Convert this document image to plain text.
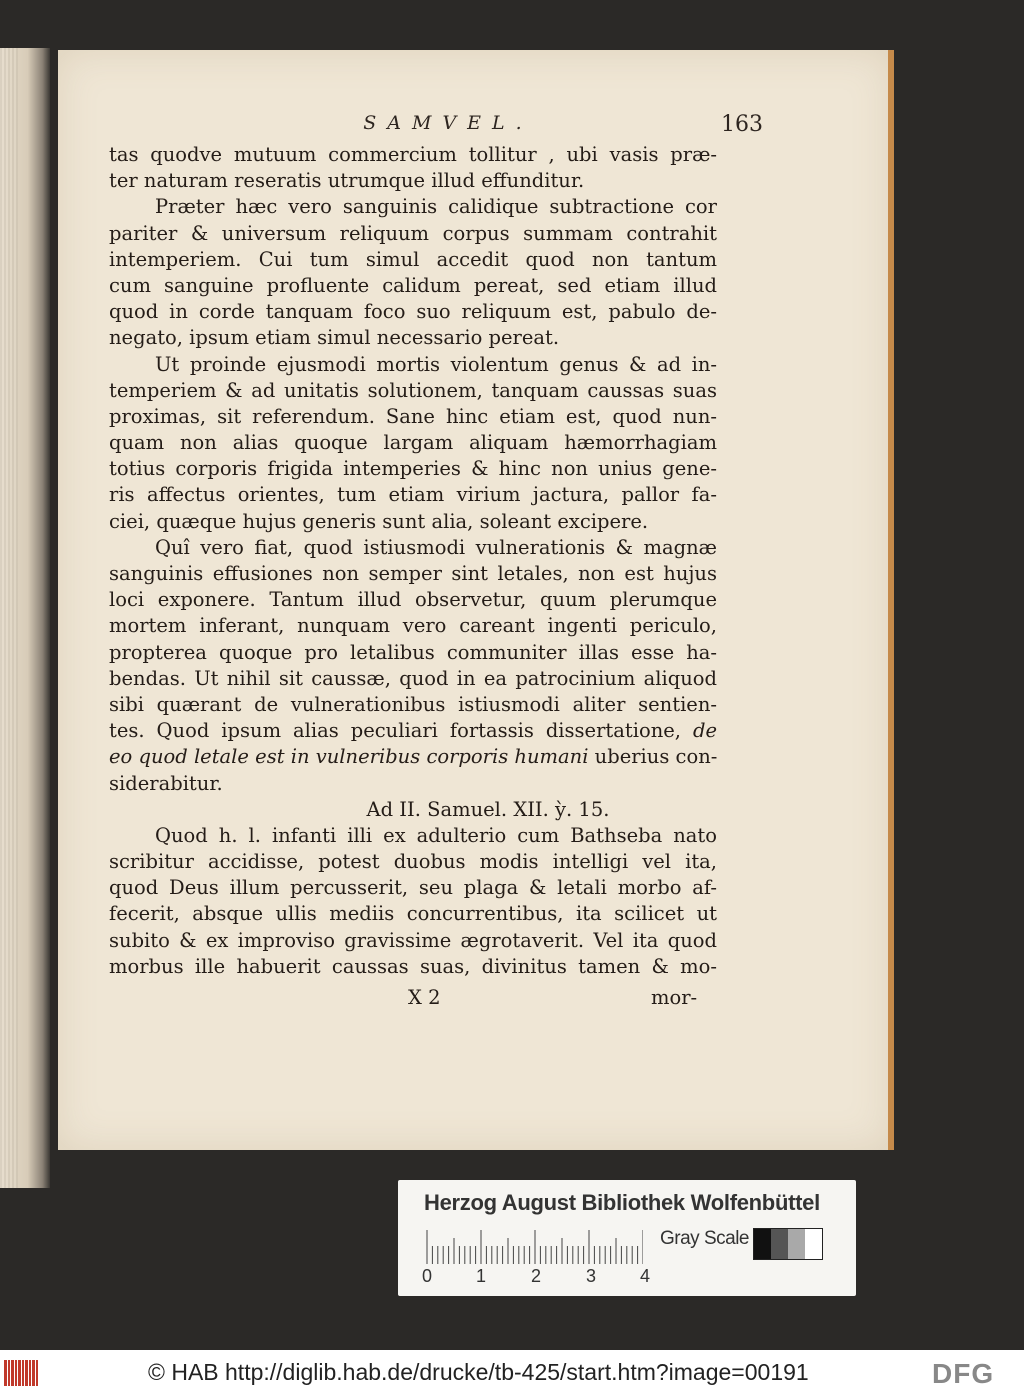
SAMVEL.	163
tas quodve mutuum commercium tollitur , ubi vasis præ-
ter naturam reseratis utrumque illud effunditur.
Præter hæc vero sanguinis calidique subtractione cor
pariter & universum reliquum corpus summam contrahit
intemperiem. Cui tum simul accedit quod non tantum
cum sanguine profluente calidum pereat, sed etiam illud
quod in corde tanquam foco suo reliquum est, pabulo de-
negato, ipsum etiam simul necessario pereat.
Ut proinde ejusmodi mortis violentum genus & ad in-
temperiem & ad unitatis solutionem, tanquam caussas suas
proximas, sit referendum. Sane hinc etiam est, quod nun-
quam non alias quoque largam aliquam hæmorrhagiam
totius corporis frigida intemperies & hinc non unius gene-
ris affectus orientes, tum etiam virium jactura, pallor fa-
ciei, quæque hujus generis sunt alia, soleant excipere.
Quî vero fiat, quod istiusmodi vulnerationis & magnæ
sanguinis effusiones non semper sint letales, non est hujus
loci exponere. Tantum illud observetur, quum plerumque
mortem inferant, nunquam vero careant ingenti periculo,
propterea quoque pro letalibus communiter illas esse ha-
bendas. Ut nihil sit caussæ, quod in ea patrocinium aliquod
sibi quærant de vulnerationibus istiusmodi aliter sentien-
tes. Quod ipsum alias peculiari fortassis dissertatione, de
eo quod letale est in vulneribus corporis humani uberius con-
siderabitur.
Ad II. Samuel. XII. ỳ. 15.
Quod h. l. infanti illi ex adulterio cum Bathseba nato
scribitur accidisse, potest duobus modis intelligi vel ita,
quod Deus illum percusserit, seu plaga & letali morbo af-
fecerit, absque ullis mediis concurrentibus, ita scilicet ut
subito & ex improviso gravissime ægrotaverit. Vel ita quod
morbus ille habuerit caussas suas, divinitus tamen & mo-
X 2	mor-
Herzog August Bibliothek Wolfenbüttel
0 1 2 3 4
Gray Scale
© HAB http://diglib.hab.de/drucke/tb-425/start.htm?image=00191	DFG
